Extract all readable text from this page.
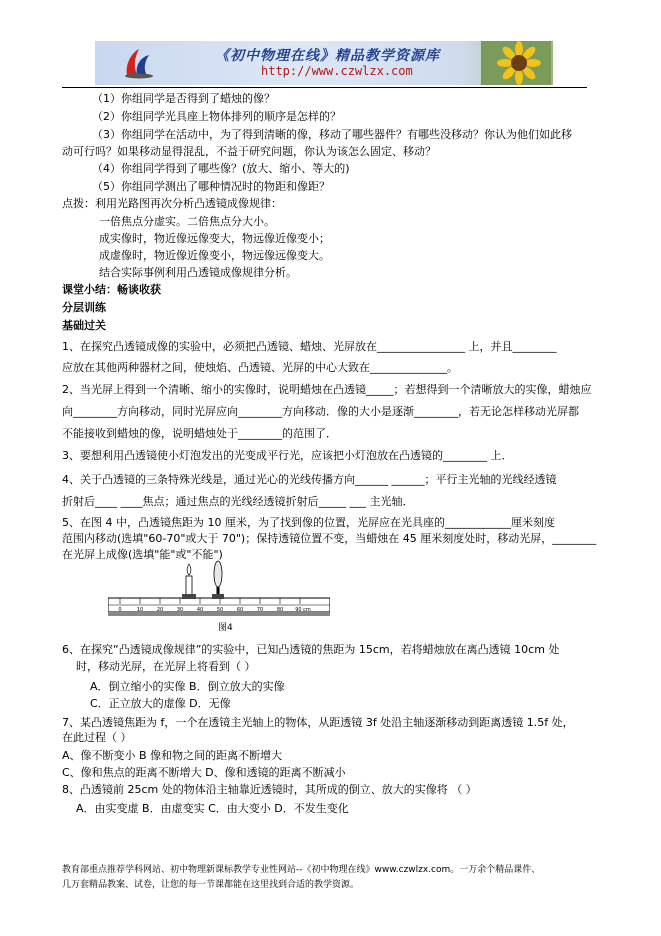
《初中物理在线》精品教学资源库
http://www.czwlzx.com
（1）你组同学是否得到了蜡烛的像？
（2）你组同学光具座上物体排列的顺序是怎样的？
（3）你组同学在活动中，为了得到清晰的像，移动了哪些器件？有哪些没移动？你认为他们如此移
动可行吗？如果移动显得混乱，不益于研究问题，你认为该怎么固定、移动？
（4）你组同学得到了哪些像？(放大、缩小、等大的)
（5）你组同学测出了哪种情况时的物距和像距？
点拨：利用光路图再次分析凸透镜成像规律：
一倍焦点分虚实。二倍焦点分大小。
成实像时，物近像远像变大，物远像近像变小；
成虚像时，物近像近像变小，物远像远像变大。
结合实际事例利用凸透镜成像规律分析。
课堂小结：畅谈收获
分层训练
基础过关
1、在探究凸透镜成像的实验中，必须把凸透镜、蜡烛、光屏放在________________ 上，并且________
应放在其他两种器材之间，使烛焰、凸透镜、光屏的中心大致在______________。
2、当光屏上得到一个清晰、缩小的实像时，说明蜡烛在凸透镜_____；若想得到一个清晰放大的实像，蜡烛应
向________方向移动，同时光屏应向________方向移动．像的大小是逐渐________，若无论怎样移动光屏都
不能接收到蜡烛的像，说明蜡烛处于________的范围了．
3、要想利用凸透镜使小灯泡发出的光变成平行光，应该把小灯泡放在凸透镜的________ 上．
4、关于凸透镜的三条特殊光线是，通过光心的光线传播方向______ ______；平行主光轴的光线经透镜
折射后____ ____焦点；通过焦点的光线经透镜折射后_____ ___ 主光轴．
5、在图 4 中，凸透镜焦距为 10 厘米，为了找到像的位置，光屏应在光具座的____________厘米刻度
范围内移动(选填"60-70"或大于 70")；保持透镜位置不变，当蜡烛在 45 厘米刻度处时，移动光屏，________
在光屏上成像(选填"能"或"不能")
0	10	20	30	40	50	60	70	80 90 cm
图4
6、在探究“凸透镜成像规律”的实验中，已知凸透镜的焦距为 15cm，若将蜡烛放在离凸透镜 10cm 处
时，移动光屏，在光屏上将看到（ ）
A．倒立缩小的实像 B．倒立放大的实像
C．正立放大的虚像 D．无像
7、某凸透镜焦距为 f，一个在透镜主光轴上的物体，从距透镜 3f 处沿主轴逐渐移动到距离透镜 1.5f 处，
在此过程（ ）
A、像不断变小 B 像和物之间的距离不断增大
C、像和焦点的距离不断增大 D、像和透镜的距离不断减小
8、凸透镜前 25cm 处的物体沿主轴靠近透镜时，其所成的倒立、放大的实像将 （ ）
A．由实变虚 B．由虚变实 C．由大变小 D．不发生变化
教育部重点推荐学科网站、初中物理新课标教学专业性网站--《初中物理在线》www.czwlzx.com。一万余个精品课件、
几万套精品教案、试卷，让您的每一节课都能在这里找到合适的教学资源。
